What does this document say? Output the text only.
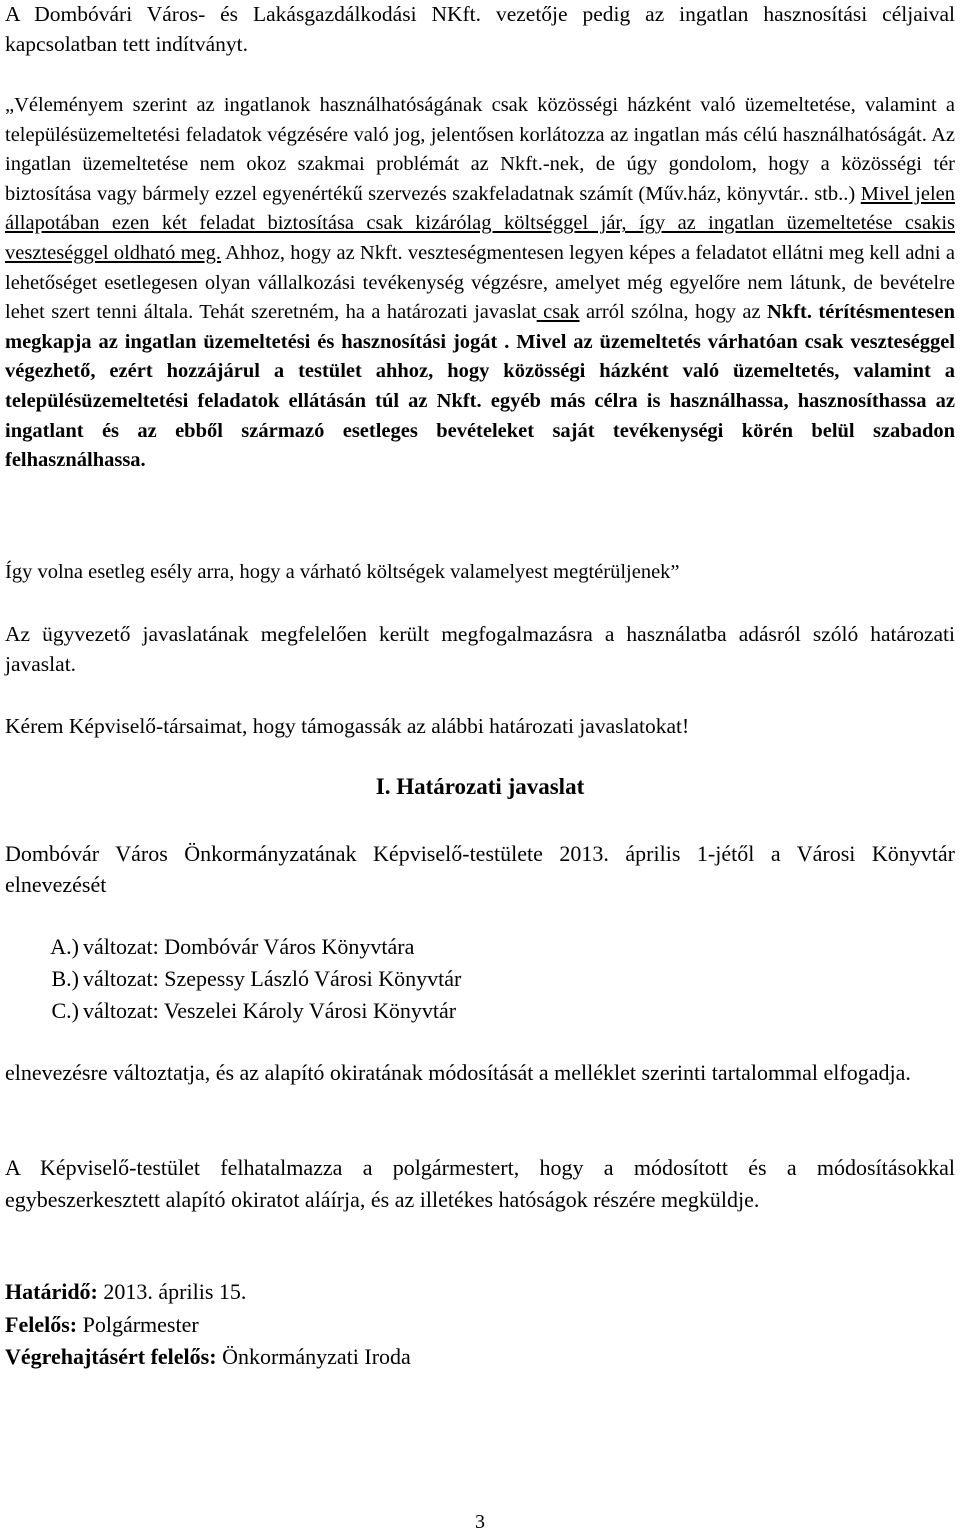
A Dombóvári Város- és Lakásgazdálkodási NKft. vezetője pedig az ingatlan hasznosítási céljaival kapcsolatban tett indítványt.

„Véleményem szerint az ingatlanok használhatóságának csak közösségi házként való üzemeltetése, valamint a településüzemeltetési feladatok végzésére való jog, jelentősen korlátozza az ingatlan más célú használhatóságát. Az ingatlan üzemeltetése nem okoz szakmai problémát az Nkft.-nek, de úgy gondolom, hogy a közösségi tér biztosítása vagy bármely ezzel egyenértékű szervezés szakfeladatnak számít (Műv.ház, könyvtár.. stb..) Mivel jelen állapotában ezen két feladat biztosítása csak kizárólag költséggel jár, így az ingatlan üzemeltetése csakis veszteséggel oldható meg. Ahhoz, hogy az Nkft. veszteségmentesen legyen képes a feladatot ellátni meg kell adni a lehetőséget esetlegesen olyan vállalkozási tevékenység végzésre, amelyet még egyelőre nem látunk, de bevételre lehet szert tenni általa. Tehát szeretném, ha a határozati javaslat csak arról szólna, hogy az Nkft. térítésmentesen megkapja az ingatlan üzemeltetési és hasznosítási jogát . Mivel az üzemeltetés várhatóan csak veszteséggel végezhető, ezért hozzájárul a testület ahhoz, hogy közösségi házként való üzemeltetés, valamint a településüzemeltetési feladatok ellátásán túl az Nkft. egyéb más célra is használhassa, hasznosíthassa az ingatlant és az ebből származó esetleges bevételeket saját tevékenységi körén belül szabadon felhasználhassa.

Így volna esetleg esély arra, hogy a várható költségek valamelyest megtérüljenek”

Az ügyvezető javaslatának megfelelően került megfogalmazásra a használatba adásról szóló határozati javaslat.

Kérem Képviselő-társaimat, hogy támogassák az alábbi határozati javaslatokat!

I. Határozati javaslat

Dombóvár Város Önkormányzatának Képviselő-testülete 2013. április 1-jétől a Városi Könyvtár elnevezését

A.) változat: Dombóvár Város Könyvtára

B.) változat: Szepessy László Városi Könyvtár

C.) változat: Veszelei Károly Városi Könyvtár

elnevezésre változtatja, és az alapító okiratának módosítását a melléklet szerinti tartalommal elfogadja.

A Képviselő-testület felhatalmazza a polgármestert, hogy a módosított és a módosításokkal egybeszerkesztett alapító okiratot aláírja, és az illetékes hatóságok részére megküldje.

Határidő: 2013. április 15.
Felelős: Polgármester
Végrehajtásért felelős: Önkormányzati Iroda
3
